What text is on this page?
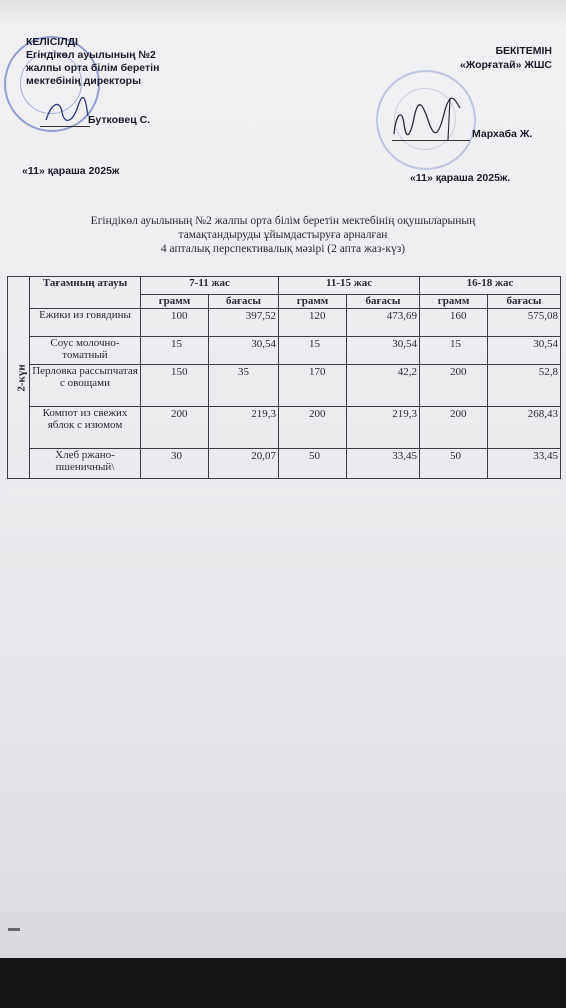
КЕЛІСІЛДІ
Егіндікөл ауылының №2
жалпы орта білім беретін
мектебінің директоры
Бутковец С.
«11» қараша 2025ж
БЕКІТЕМІН
«Жорғатай» ЖШС
Мархаба Ж.
«11» қараша 2025ж.
Егіндікөл ауылының №2 жалпы орта білім беретін мектебінің оқушыларының
тамақтандыруды ұйымдастыруға арналған
4 апталық перспективалық мәзірі (2 апта жаз-күз)
2-күн	Тағамның атауы	7-11 жас		11-15 жас		16-18 жас	
		грамм	бағасы	грамм	бағасы	грамм	бағасы
	Ежики из говядины	100	397,52	120	473,69	160	575,08
	Соус молочно-томатный	15	30,54	15	30,54	15	30,54
	Перловка рассыпчатая с овощами	150	35	170	42,2	200	52,8
	Компот из свежих яблок с изюмом	200	219,3	200	219,3	200	268,43
	Хлеб ржано-пшеничный\	30	20,07	50	33,45	50	33,45
